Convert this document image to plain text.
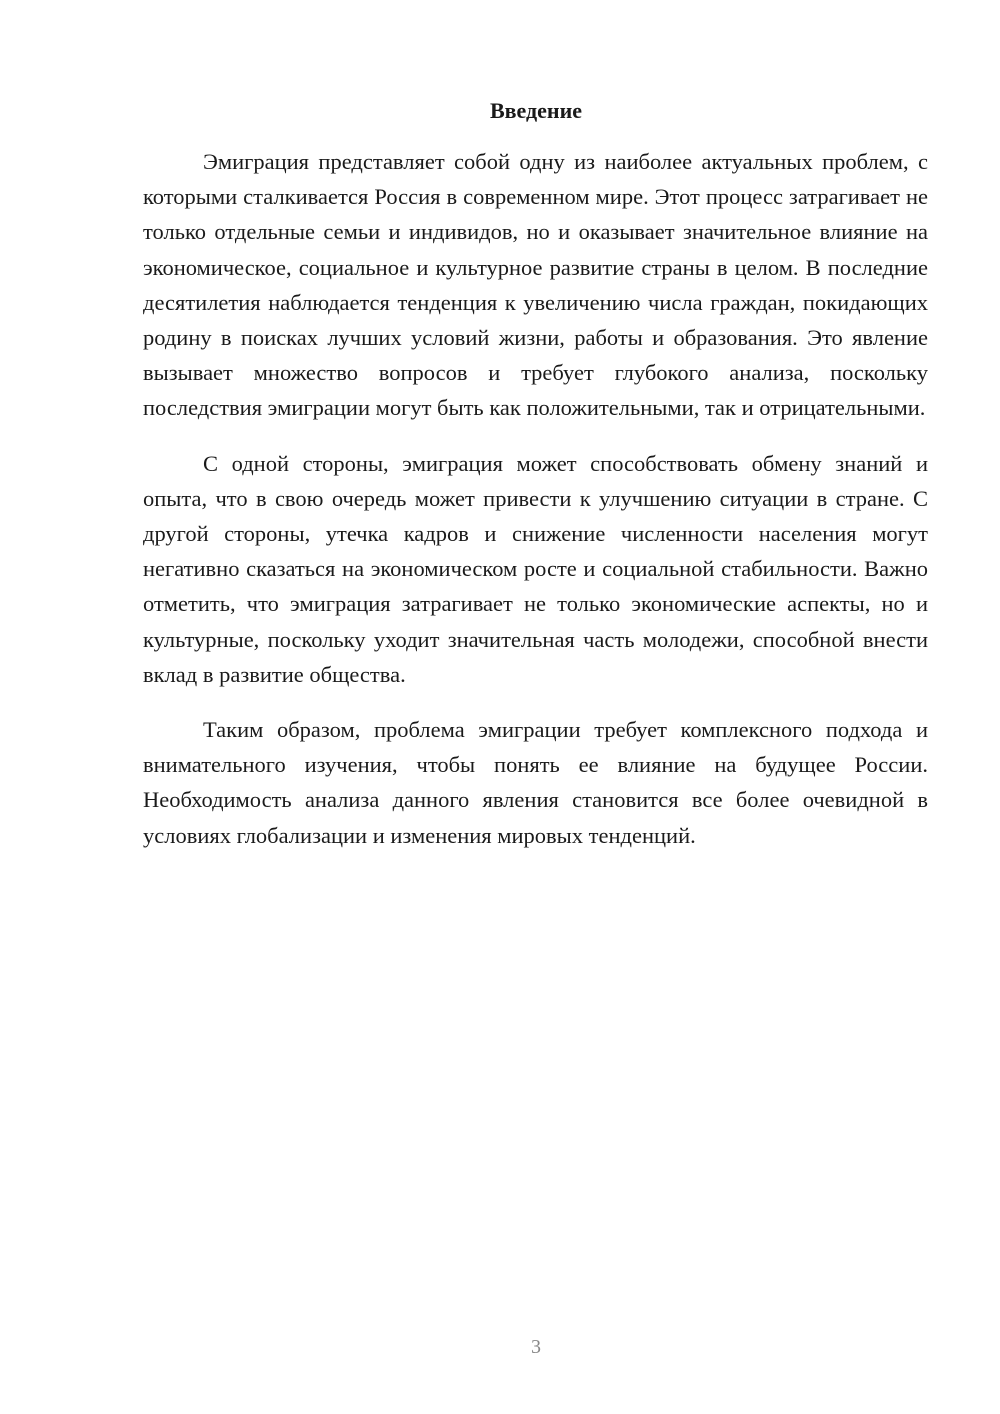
Введение

Эмиграция представляет собой одну из наиболее актуальных проблем, с которыми сталкивается Россия в современном мире. Этот процесс затрагивает не только отдельные семьи и индивидов, но и оказывает значительное влияние на экономическое, социальное и культурное развитие страны в целом. В последние десятилетия наблюдается тенденция к увеличению числа граждан, покидающих родину в поисках лучших условий жизни, работы и образования. Это явление вызывает множество вопросов и требует глубокого анализа, поскольку последствия эмиграции могут быть как положительными, так и отрицательными.

С одной стороны, эмиграция может способствовать обмену знаний и опыта, что в свою очередь может привести к улучшению ситуации в стране. С другой стороны, утечка кадров и снижение численности населения могут негативно сказаться на экономическом росте и социальной стабильности. Важно отметить, что эмиграция затрагивает не только экономические аспекты, но и культурные, поскольку уходит значительная часть молодежи, способной внести вклад в развитие общества.

Таким образом, проблема эмиграции требует комплексного подхода и внимательного изучения, чтобы понять ее влияние на будущее России. Необходимость анализа данного явления становится все более очевидной в условиях глобализации и изменения мировых тенденций.

3
